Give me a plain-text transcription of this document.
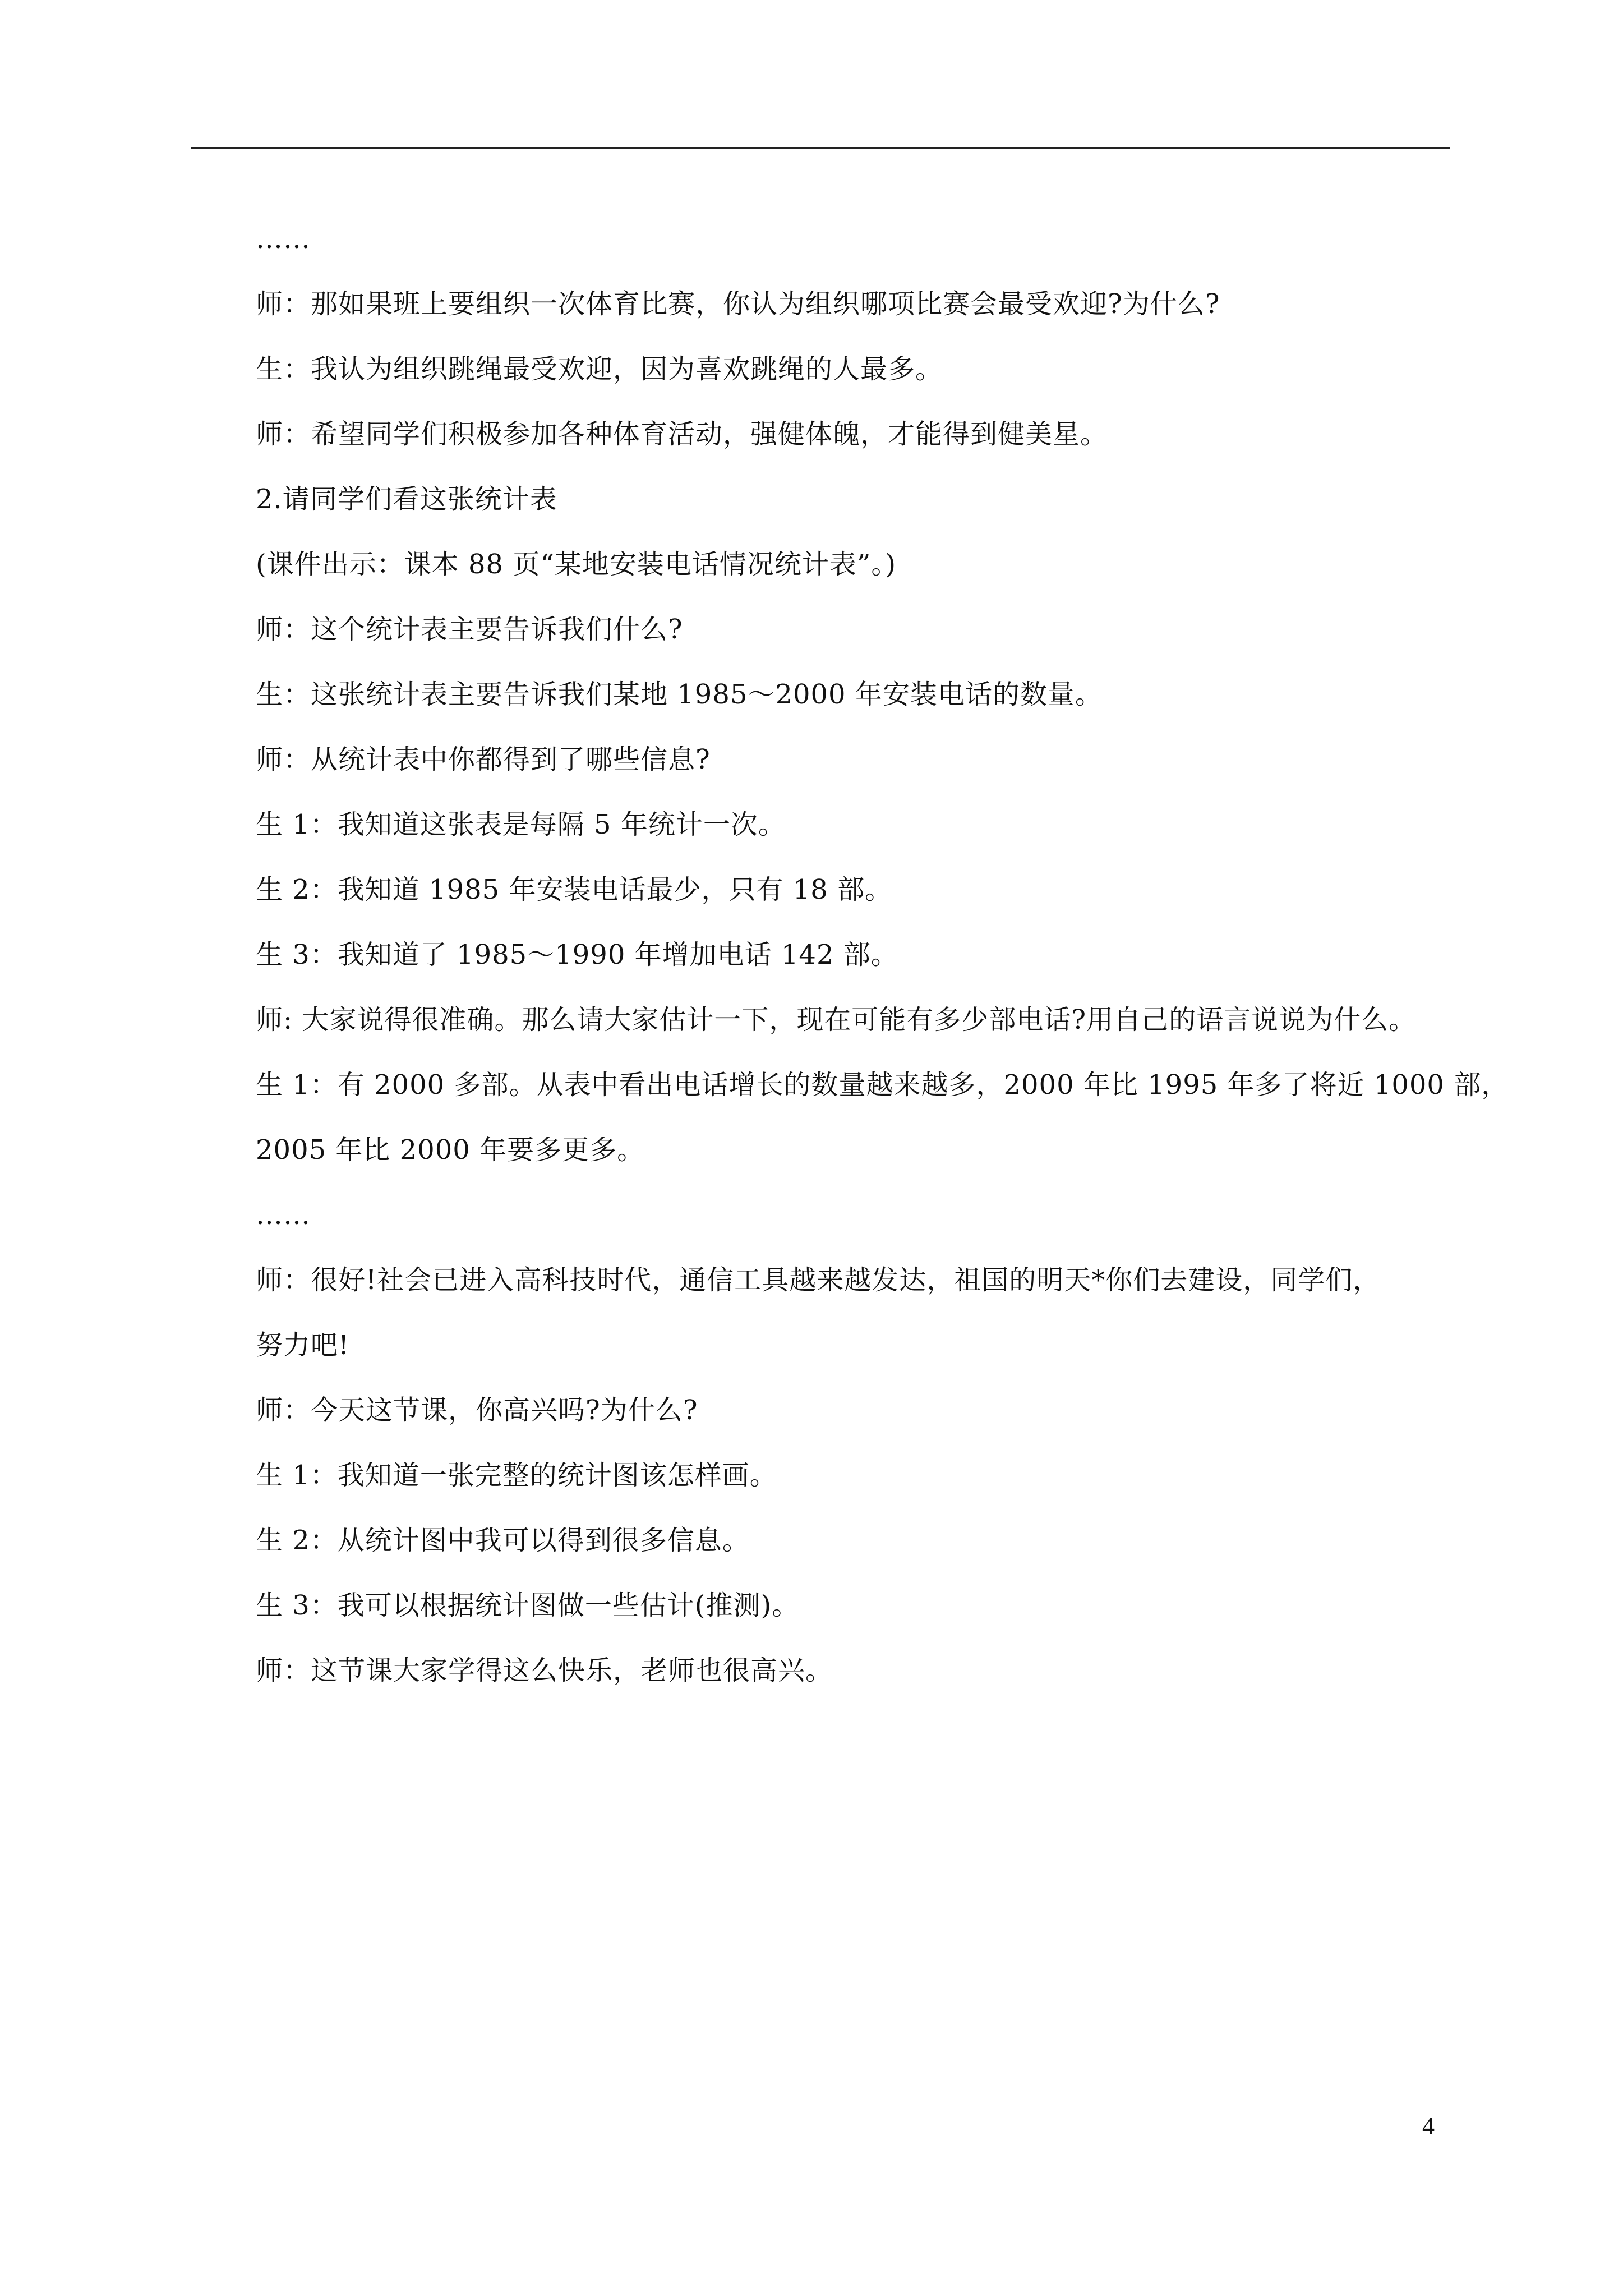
……
师：那如果班上要组织一次体育比赛，你认为组织哪项比赛会最受欢迎?为什么?
生：我认为组织跳绳最受欢迎，因为喜欢跳绳的人最多。
师：希望同学们积极参加各种体育活动，强健体魄，才能得到健美星。
2.请同学们看这张统计表
(课件出示：课本 88 页“某地安装电话情况统计表”。)
师：这个统计表主要告诉我们什么?
生：这张统计表主要告诉我们某地 1985～2000 年安装电话的数量。
师：从统计表中你都得到了哪些信息?
生 1：我知道这张表是每隔 5 年统计一次。
生 2：我知道 1985 年安装电话最少，只有 18 部。
生 3：我知道了 1985～1990 年增加电话 142 部。
师: 大家说得很准确。那么请大家估计一下，现在可能有多少部电话?用自己的语言说说为什么。
生 1：有 2000 多部。从表中看出电话增长的数量越来越多，2000 年比 1995 年多了将近 1000 部，
2005 年比 2000 年要多更多。
……
师：很好!社会已进入高科技时代，通信工具越来越发达，祖国的明天*你们去建设，同学们，
努力吧!
师：今天这节课，你高兴吗?为什么?
生 1：我知道一张完整的统计图该怎样画。
生 2：从统计图中我可以得到很多信息。
生 3：我可以根据统计图做一些估计(推测)。
师：这节课大家学得这么快乐，老师也很高兴。
4
